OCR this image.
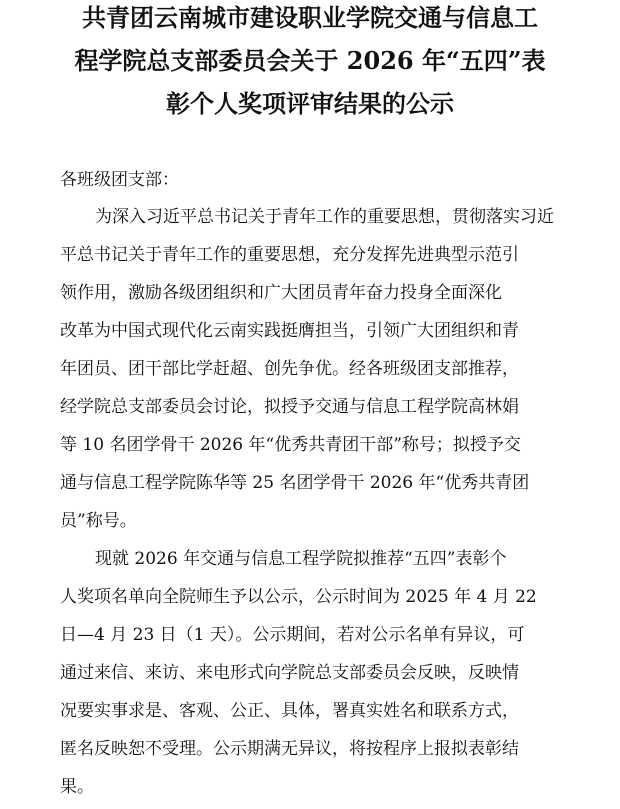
共青团云南城市建设职业学院交通与信息工
程学院总支部委员会关于 2026 年“五四”表
彰个人奖项评审结果的公示
各班级团支部：
为深入习近平总书记关于青年工作的重要思想，贯彻落实习近
平总书记关于青年工作的重要思想，充分发挥先进典型示范引
领作用，激励各级团组织和广大团员青年奋力投身全面深化
改革为中国式现代化云南实践挺膺担当，引领广大团组织和青
年团员、团干部比学赶超、创先争优。经各班级团支部推荐，
经学院总支部委员会讨论，拟授予交通与信息工程学院高林娟
等 10 名团学骨干 2026 年“优秀共青团干部”称号；拟授予交
通与信息工程学院陈华等 25 名团学骨干 2026 年“优秀共青团
员”称号。
现就 2026 年交通与信息工程学院拟推荐“五四”表彰个
人奖项名单向全院师生予以公示，公示时间为 2025 年 4 月 22
日—4 月 23 日（1 天）。公示期间，若对公示名单有异议，可
通过来信、来访、来电形式向学院总支部委员会反映，反映情
况要实事求是、客观、公正、具体，署真实姓名和联系方式，
匿名反映恕不受理。公示期满无异议，将按程序上报拟表彰结
果。
